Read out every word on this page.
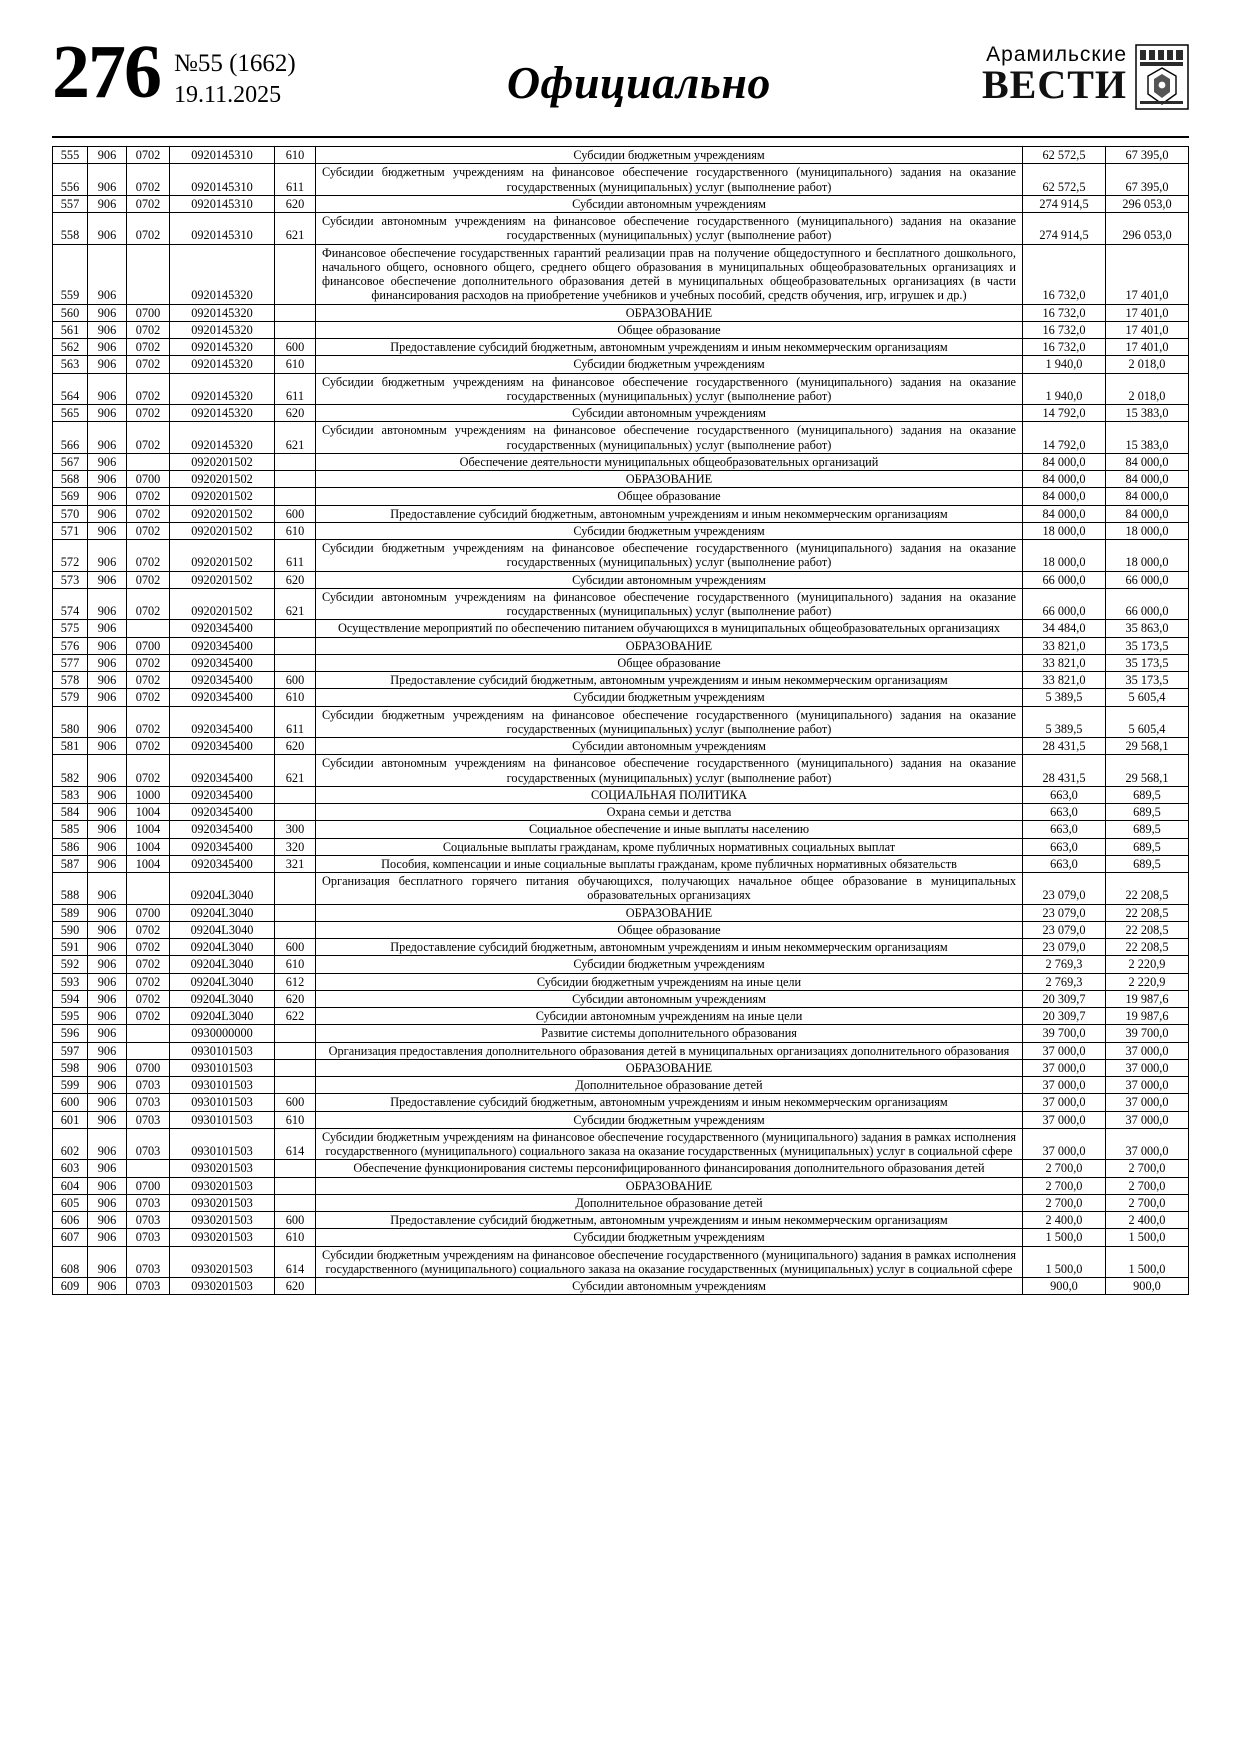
276 №55 (1662)
19.11.2025	Официально
Арамильские
ВЕСТИ
555	906	0702	0920145310	610	Субсидии бюджетным учреждениям	62 572,5	67 395,0
556	906	0702	0920145310	611	Субсидии бюджетным учреждениям на финансовое обеспечение государственного (муниципального) задания на оказание государственных (муниципальных) услуг (выполнение работ)	62 572,5	67 395,0
557	906	0702	0920145310	620	Субсидии автономным учреждениям	274 914,5	296 053,0
558	906	0702	0920145310	621	Субсидии автономным учреждениям на финансовое обеспечение государственного (муниципального) задания на оказание государственных (муниципальных) услуг (выполнение работ)	274 914,5	296 053,0
559	906		0920145320		Финансовое обеспечение государственных гарантий реализации прав на получение общедоступного и бесплатного дошкольного, начального общего, основного общего, среднего общего образования в муниципальных общеобразовательных организациях и финансовое обеспечение дополнительного образования детей в муниципальных общеобразовательных организациях (в части финансирования расходов на приобретение учебников и учебных пособий, средств обучения, игр, игрушек и др.)	16 732,0	17 401,0
560	906	0700	0920145320		ОБРАЗОВАНИЕ	16 732,0	17 401,0
561	906	0702	0920145320		Общее образование	16 732,0	17 401,0
562	906	0702	0920145320	600	Предоставление субсидий бюджетным, автономным учреждениям и иным некоммерческим организациям	16 732,0	17 401,0
563	906	0702	0920145320	610	Субсидии бюджетным учреждениям	1 940,0	2 018,0
564	906	0702	0920145320	611	Субсидии бюджетным учреждениям на финансовое обеспечение государственного (муниципального) задания на оказание государственных (муниципальных) услуг (выполнение работ)	1 940,0	2 018,0
565	906	0702	0920145320	620	Субсидии автономным учреждениям	14 792,0	15 383,0
566	906	0702	0920145320	621	Субсидии автономным учреждениям на финансовое обеспечение государственного (муниципального) задания на оказание государственных (муниципальных) услуг (выполнение работ)	14 792,0	15 383,0
567	906		0920201502		Обеспечение деятельности муниципальных общеобразовательных организаций	84 000,0	84 000,0
568	906	0700	0920201502		ОБРАЗОВАНИЕ	84 000,0	84 000,0
569	906	0702	0920201502		Общее образование	84 000,0	84 000,0
570	906	0702	0920201502	600	Предоставление субсидий бюджетным, автономным учреждениям и иным некоммерческим организациям	84 000,0	84 000,0
571	906	0702	0920201502	610	Субсидии бюджетным учреждениям	18 000,0	18 000,0
572	906	0702	0920201502	611	Субсидии бюджетным учреждениям на финансовое обеспечение государственного (муниципального) задания на оказание государственных (муниципальных) услуг (выполнение работ)	18 000,0	18 000,0
573	906	0702	0920201502	620	Субсидии автономным учреждениям	66 000,0	66 000,0
574	906	0702	0920201502	621	Субсидии автономным учреждениям на финансовое обеспечение государственного (муниципального) задания на оказание государственных (муниципальных) услуг (выполнение работ)	66 000,0	66 000,0
575	906		0920345400		Осуществление мероприятий по обеспечению питанием обучающихся в муниципальных общеобразовательных организациях	34 484,0	35 863,0
576	906	0700	0920345400		ОБРАЗОВАНИЕ	33 821,0	35 173,5
577	906	0702	0920345400		Общее образование	33 821,0	35 173,5
578	906	0702	0920345400	600	Предоставление субсидий бюджетным, автономным учреждениям и иным некоммерческим организациям	33 821,0	35 173,5
579	906	0702	0920345400	610	Субсидии бюджетным учреждениям	5 389,5	5 605,4
580	906	0702	0920345400	611	Субсидии бюджетным учреждениям на финансовое обеспечение государственного (муниципального) задания на оказание государственных (муниципальных) услуг (выполнение работ)	5 389,5	5 605,4
581	906	0702	0920345400	620	Субсидии автономным учреждениям	28 431,5	29 568,1
582	906	0702	0920345400	621	Субсидии автономным учреждениям на финансовое обеспечение государственного (муниципального) задания на оказание государственных (муниципальных) услуг (выполнение работ)	28 431,5	29 568,1
583	906	1000	0920345400		СОЦИАЛЬНАЯ ПОЛИТИКА	663,0	689,5
584	906	1004	0920345400		Охрана семьи и детства	663,0	689,5
585	906	1004	0920345400	300	Социальное обеспечение и иные выплаты населению	663,0	689,5
586	906	1004	0920345400	320	Социальные выплаты гражданам, кроме публичных нормативных социальных выплат	663,0	689,5
587	906	1004	0920345400	321	Пособия, компенсации и иные социальные выплаты гражданам, кроме публичных нормативных обязательств	663,0	689,5
588	906		09204L3040		Организация бесплатного горячего питания обучающихся, получающих начальное общее образование в муниципальных образовательных организациях	23 079,0	22 208,5
589	906	0700	09204L3040		ОБРАЗОВАНИЕ	23 079,0	22 208,5
590	906	0702	09204L3040		Общее образование	23 079,0	22 208,5
591	906	0702	09204L3040	600	Предоставление субсидий бюджетным, автономным учреждениям и иным некоммерческим организациям	23 079,0	22 208,5
592	906	0702	09204L3040	610	Субсидии бюджетным учреждениям	2 769,3	2 220,9
593	906	0702	09204L3040	612	Субсидии бюджетным учреждениям на иные цели	2 769,3	2 220,9
594	906	0702	09204L3040	620	Субсидии автономным учреждениям	20 309,7	19 987,6
595	906	0702	09204L3040	622	Субсидии автономным учреждениям на иные цели	20 309,7	19 987,6
596	906		0930000000		Развитие системы дополнительного образования	39 700,0	39 700,0
597	906		0930101503		Организация предоставления дополнительного образования детей в муниципальных организациях дополнительного образования	37 000,0	37 000,0
598	906	0700	0930101503		ОБРАЗОВАНИЕ	37 000,0	37 000,0
599	906	0703	0930101503		Дополнительное образование детей	37 000,0	37 000,0
600	906	0703	0930101503	600	Предоставление субсидий бюджетным, автономным учреждениям и иным некоммерческим организациям	37 000,0	37 000,0
601	906	0703	0930101503	610	Субсидии бюджетным учреждениям	37 000,0	37 000,0
602	906	0703	0930101503	614	Субсидии бюджетным учреждениям на финансовое обеспечение государственного (муниципального) задания в рамках исполнения государственного (муниципального) социального заказа на оказание государственных (муниципальных) услуг в социальной сфере	37 000,0	37 000,0
603	906		0930201503		Обеспечение функционирования системы персонифицированного финансирования дополнительного образования детей	2 700,0	2 700,0
604	906	0700	0930201503		ОБРАЗОВАНИЕ	2 700,0	2 700,0
605	906	0703	0930201503		Дополнительное образование детей	2 700,0	2 700,0
606	906	0703	0930201503	600	Предоставление субсидий бюджетным, автономным учреждениям и иным некоммерческим организациям	2 400,0	2 400,0
607	906	0703	0930201503	610	Субсидии бюджетным учреждениям	1 500,0	1 500,0
608	906	0703	0930201503	614	Субсидии бюджетным учреждениям на финансовое обеспечение государственного (муниципального) задания в рамках исполнения государственного (муниципального) социального заказа на оказание государственных (муниципальных) услуг в социальной сфере	1 500,0	1 500,0
609	906	0703	0930201503	620	Субсидии автономным учреждениям	900,0	900,0
